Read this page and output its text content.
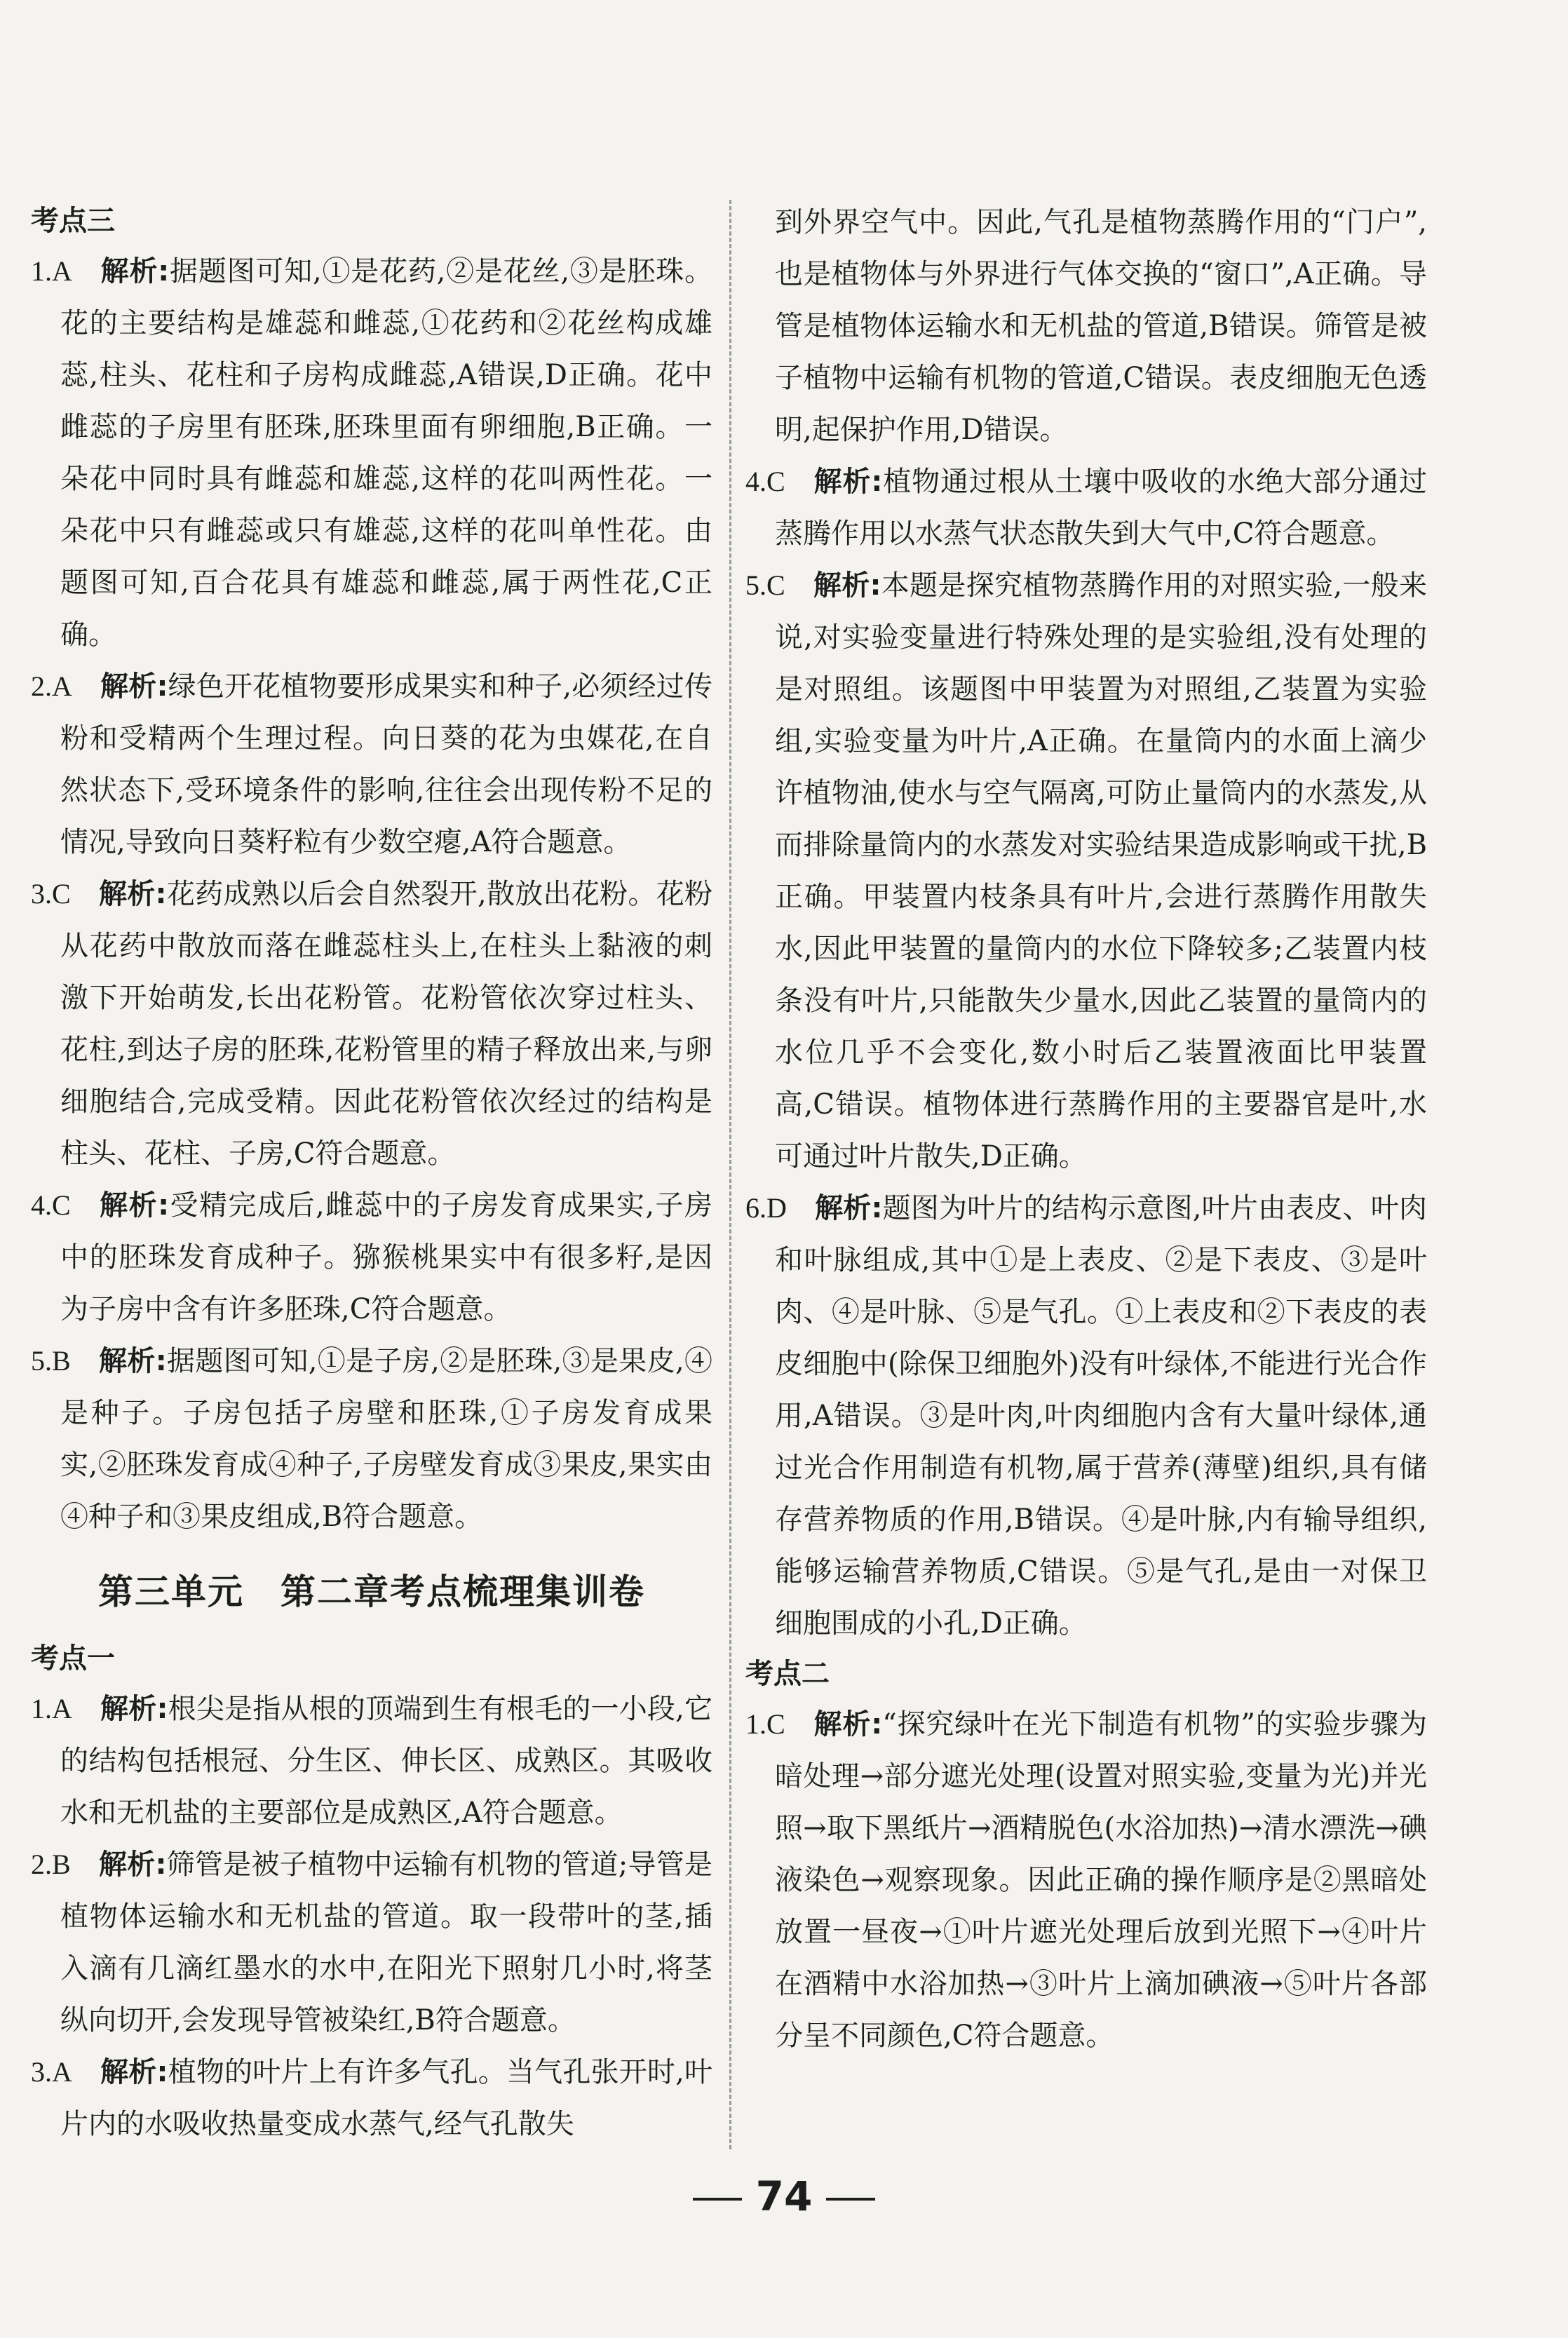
考点三
1.A   解析:据题图可知,①是花药,②是花丝,③是胚珠。花的主要结构是雄蕊和雌蕊,①花药和②花丝构成雄蕊,柱头、花柱和子房构成雌蕊,A错误,D正确。花中雌蕊的子房里有胚珠,胚珠里面有卵细胞,B正确。一朵花中同时具有雌蕊和雄蕊,这样的花叫两性花。一朵花中只有雌蕊或只有雄蕊,这样的花叫单性花。由题图可知,百合花具有雄蕊和雌蕊,属于两性花,C正确。
2.A   解析:绿色开花植物要形成果实和种子,必须经过传粉和受精两个生理过程。向日葵的花为虫媒花,在自然状态下,受环境条件的影响,往往会出现传粉不足的情况,导致向日葵籽粒有少数空瘪,A符合题意。
3.C   解析:花药成熟以后会自然裂开,散放出花粉。花粉从花药中散放而落在雌蕊柱头上,在柱头上黏液的刺激下开始萌发,长出花粉管。花粉管依次穿过柱头、花柱,到达子房的胚珠,花粉管里的精子释放出来,与卵细胞结合,完成受精。因此花粉管依次经过的结构是柱头、花柱、子房,C符合题意。
4.C   解析:受精完成后,雌蕊中的子房发育成果实,子房中的胚珠发育成种子。猕猴桃果实中有很多籽,是因为子房中含有许多胚珠,C符合题意。
5.B   解析:据题图可知,①是子房,②是胚珠,③是果皮,④是种子。子房包括子房壁和胚珠,①子房发育成果实,②胚珠发育成④种子,子房壁发育成③果皮,果实由④种子和③果皮组成,B符合题意。
第三单元　第二章考点梳理集训卷
考点一
1.A   解析:根尖是指从根的顶端到生有根毛的一小段,它的结构包括根冠、分生区、伸长区、成熟区。其吸收水和无机盐的主要部位是成熟区,A符合题意。
2.B   解析:筛管是被子植物中运输有机物的管道;导管是植物体运输水和无机盐的管道。取一段带叶的茎,插入滴有几滴红墨水的水中,在阳光下照射几小时,将茎纵向切开,会发现导管被染红,B符合题意。
3.A   解析:植物的叶片上有许多气孔。当气孔张开时,叶片内的水吸收热量变成水蒸气,经气孔散失
到外界空气中。因此,气孔是植物蒸腾作用的“门户”,也是植物体与外界进行气体交换的“窗口”,A正确。导管是植物体运输水和无机盐的管道,B错误。筛管是被子植物中运输有机物的管道,C错误。表皮细胞无色透明,起保护作用,D错误。
4.C   解析:植物通过根从土壤中吸收的水绝大部分通过蒸腾作用以水蒸气状态散失到大气中,C符合题意。
5.C   解析:本题是探究植物蒸腾作用的对照实验,一般来说,对实验变量进行特殊处理的是实验组,没有处理的是对照组。该题图中甲装置为对照组,乙装置为实验组,实验变量为叶片,A正确。在量筒内的水面上滴少许植物油,使水与空气隔离,可防止量筒内的水蒸发,从而排除量筒内的水蒸发对实验结果造成影响或干扰,B正确。甲装置内枝条具有叶片,会进行蒸腾作用散失水,因此甲装置的量筒内的水位下降较多;乙装置内枝条没有叶片,只能散失少量水,因此乙装置的量筒内的水位几乎不会变化,数小时后乙装置液面比甲装置高,C错误。植物体进行蒸腾作用的主要器官是叶,水可通过叶片散失,D正确。
6.D   解析:题图为叶片的结构示意图,叶片由表皮、叶肉和叶脉组成,其中①是上表皮、②是下表皮、③是叶肉、④是叶脉、⑤是气孔。①上表皮和②下表皮的表皮细胞中(除保卫细胞外)没有叶绿体,不能进行光合作用,A错误。③是叶肉,叶肉细胞内含有大量叶绿体,通过光合作用制造有机物,属于营养(薄壁)组织,具有储存营养物质的作用,B错误。④是叶脉,内有输导组织,能够运输营养物质,C错误。⑤是气孔,是由一对保卫细胞围成的小孔,D正确。
考点二
1.C   解析:“探究绿叶在光下制造有机物”的实验步骤为暗处理→部分遮光处理(设置对照实验,变量为光)并光照→取下黑纸片→酒精脱色(水浴加热)→清水漂洗→碘液染色→观察现象。因此正确的操作顺序是②黑暗处放置一昼夜→①叶片遮光处理后放到光照下→④叶片在酒精中水浴加热→③叶片上滴加碘液→⑤叶片各部分呈不同颜色,C符合题意。
74
